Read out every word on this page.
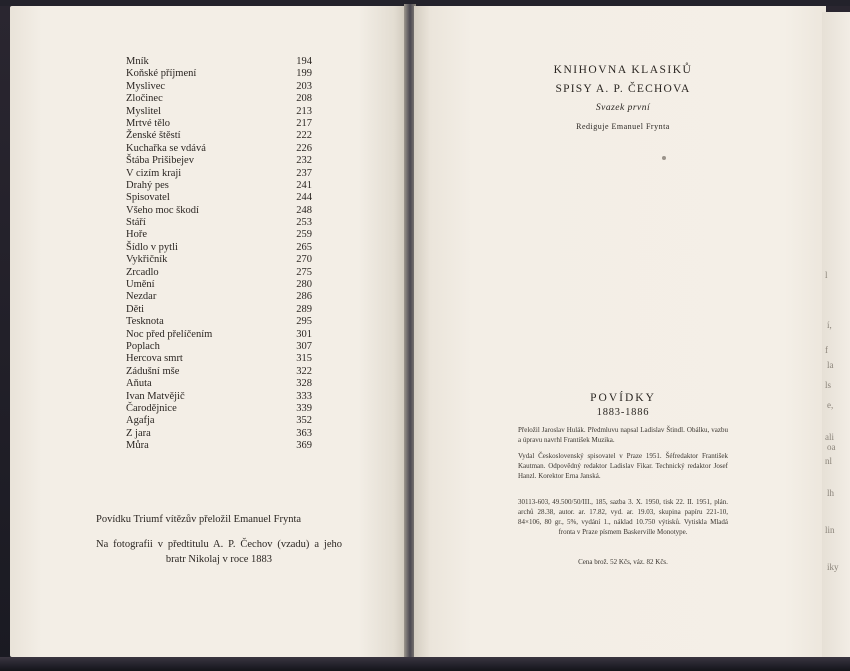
Mník	194
Koňské příjmení	199
Myslivec	203
Zločinec	208
Myslitel	213
Mrtvé tělo	217
Ženské štěstí	222
Kuchařka se vdává	226
Štába Prišibejev	232
V cizím kraji	237
Drahý pes	241
Spisovatel	244
Všeho moc škodí	248
Stáří	253
Hoře	259
Šídlo v pytli	265
Vykřičník	270
Zrcadlo	275
Umění	280
Nezdar	286
Děti	289
Tesknota	295
Noc před přelíčením	301
Poplach	307
Hercova smrt	315
Zádušní mše	322
Aňuta	328
Ivan Matvějič	333
Čarodějnice	339
Agafja	352
Z jara	363
Můra	369
Povídku Triumf vítězův přeložil Emanuel Frynta
Na fotografii v předtitulu A. P. Čechov (vzadu) a jeho bratr Nikolaj v roce 1883
KNIHOVNA KLASIKŮ
SPISY A. P. ČECHOVA
Svazek první
Rediguje Emanuel Frynta
POVÍDKY
1883-1886
Přeložil Jaroslav Hulák. Předmluvu napsal Ladislav Štindl. Obálku, vazbu a úpravu navrhl František Muzika.
Vydal Československý spisovatel v Praze 1951. Šéfredaktor František Kautman. Odpovědný redaktor Ladislav Fikar. Technický redaktor Josef Hanzl. Korektor Erna Janská.
30113-603, 49.500/50/III., 185, sazba 3. X. 1950, tisk 22. II. 1951, plán. archů 28.38, autor. ar. 17.82, vyd. ar. 19.03, skupina papíru 221-10, 84×106, 80 gr., 5%, vydání 1., náklad 10.750 výtisků. Vytiskla Mladá fronta v Praze písmem Baskerville Monotype.
Cena brož. 52 Kčs, váz. 82 Kčs.
l
í,
f
la
ls
e,
ali
oa
nl
lh
lin
iky
